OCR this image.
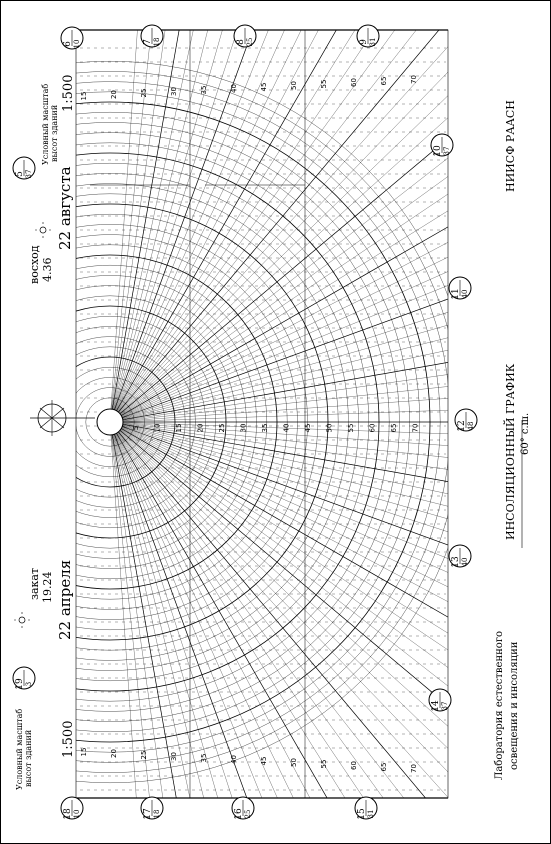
5 37
6 10	7 18	8 25	9 31
10 37
11 40
12 48
13 40
14 37
15 31
16 25
17 18
18 10
19 3
5 10 15 20 25 30 35 40 45 50 55 60 65 70
15	20	25	30	35	40	45	50	55	60	65	70
15	20	25	30	35	40	45	50	55	60	65	70
22 августа
восход 4.36
22 апреля
закат 19.24
1:500
Условный масштаб высот зданий
1:500
Условный масштаб высот зданий
ИНСОЛЯЦИОННЫЙ ГРАФИК 60° с.ш.
НИИСФ РААСН
Лаборатория естественного освещения и инсоляции
